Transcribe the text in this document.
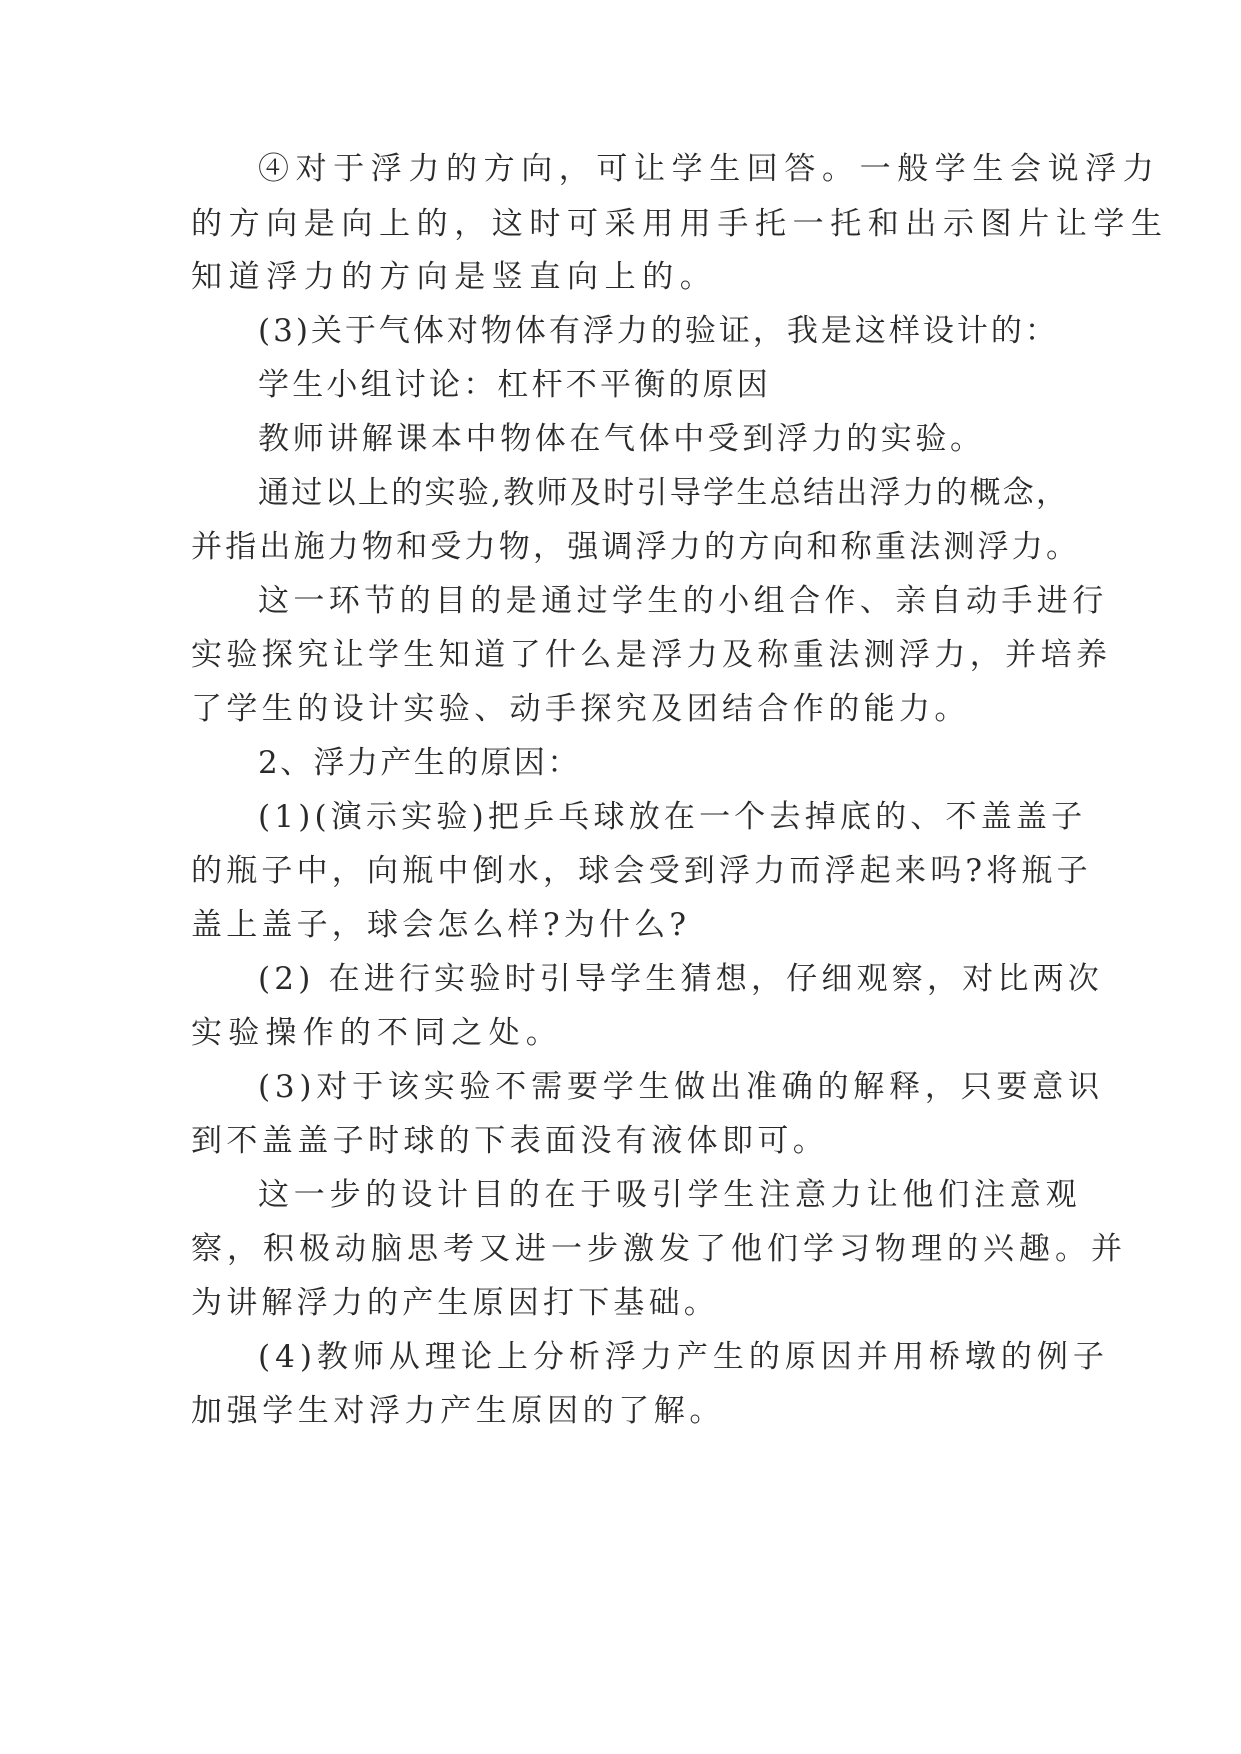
④对于浮力的方向，可让学生回答。一般学生会说浮力
的方向是向上的，这时可采用用手托一托和出示图片让学生
知道浮力的方向是竖直向上的。
(3)关于气体对物体有浮力的验证，我是这样设计的：
学生小组讨论：杠杆不平衡的原因
教师讲解课本中物体在气体中受到浮力的实验。
通过以上的实验,教师及时引导学生总结出浮力的概念，
并指出施力物和受力物，强调浮力的方向和称重法测浮力。
这一环节的目的是通过学生的小组合作、亲自动手进行
实验探究让学生知道了什么是浮力及称重法测浮力，并培养
了学生的设计实验、动手探究及团结合作的能力。
2、浮力产生的原因：
(1)(演示实验)把乒乓球放在一个去掉底的、不盖盖子
的瓶子中，向瓶中倒水，球会受到浮力而浮起来吗?将瓶子
盖上盖子，球会怎么样?为什么?
(2) 在进行实验时引导学生猜想，仔细观察，对比两次
实验操作的不同之处。
(3)对于该实验不需要学生做出准确的解释，只要意识
到不盖盖子时球的下表面没有液体即可。
这一步的设计目的在于吸引学生注意力让他们注意观
察，积极动脑思考又进一步激发了他们学习物理的兴趣。并
为讲解浮力的产生原因打下基础。
(4)教师从理论上分析浮力产生的原因并用桥墩的例子
加强学生对浮力产生原因的了解。
